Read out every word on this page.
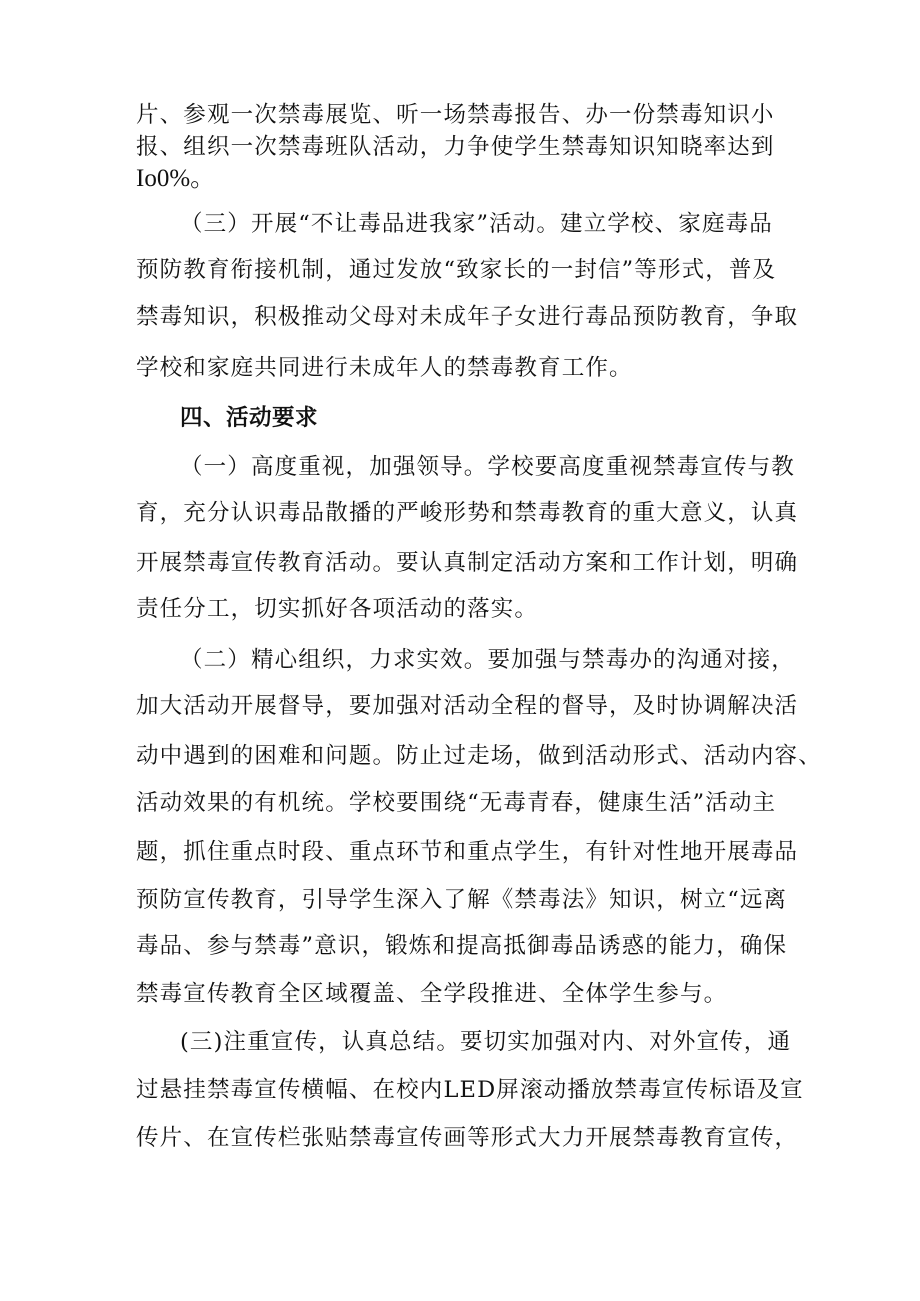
片、参观一次禁毒展览、听一场禁毒报告、办一份禁毒知识小

报、组织一次禁毒班队活动，力争使学生禁毒知识知晓率达到

Io0%。

（三）开展“不让毒品进我家”活动。建立学校、家庭毒品

预防教育衔接机制，通过发放“致家长的一封信”等形式，普及

禁毒知识，积极推动父母对未成年子女进行毒品预防教育，争取

学校和家庭共同进行未成年人的禁毒教育工作。

四、活动要求

（一）高度重视，加强领导。学校要高度重视禁毒宣传与教

育，充分认识毒品散播的严峻形势和禁毒教育的重大意义，认真

开展禁毒宣传教育活动。要认真制定活动方案和工作计划，明确

责任分工，切实抓好各项活动的落实。

（二）精心组织，力求实效。要加强与禁毒办的沟通对接，

加大活动开展督导，要加强对活动全程的督导，及时协调解决活

动中遇到的困难和问题。防止过走场，做到活动形式、活动内容、

活动效果的有机统。学校要围绕“无毒青春，健康生活”活动主

题，抓住重点时段、重点环节和重点学生，有针对性地开展毒品

预防宣传教育，引导学生深入了解《禁毒法》知识，树立“远离

毒品、参与禁毒”意识，锻炼和提高抵御毒品诱惑的能力，确保

禁毒宣传教育全区域覆盖、全学段推进、全体学生参与。

(三)注重宣传，认真总结。要切实加强对内、对外宣传，通

过悬挂禁毒宣传横幅、在校内LED屏滚动播放禁毒宣传标语及宣

传片、在宣传栏张贴禁毒宣传画等形式大力开展禁毒教育宣传，
